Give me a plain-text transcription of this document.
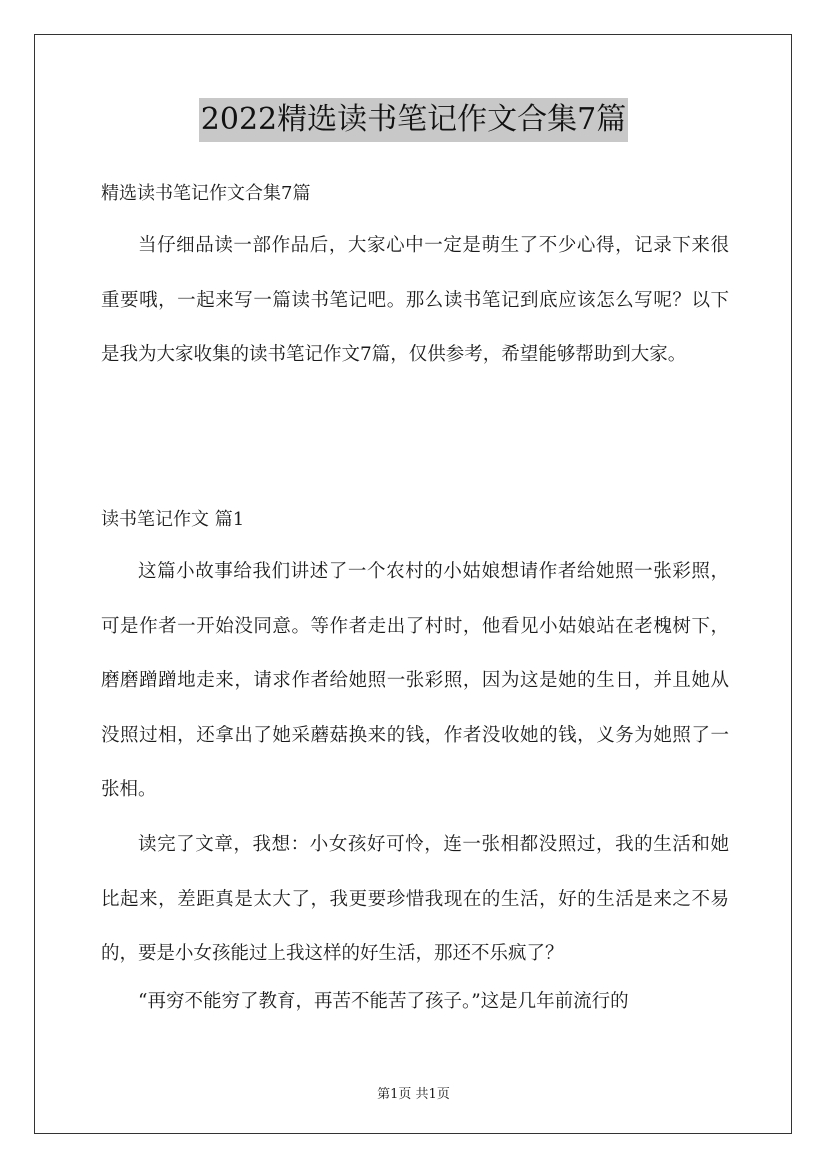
2022精选读书笔记作文合集7篇
精选读书笔记作文合集7篇

当仔细品读一部作品后，大家心中一定是萌生了不少心得，记录下来很重要哦，一起来写一篇读书笔记吧。那么读书笔记到底应该怎么写呢？以下是我为大家收集的读书笔记作文7篇，仅供参考，希望能够帮助到大家。

读书笔记作文 篇1

这篇小故事给我们讲述了一个农村的小姑娘想请作者给她照一张彩照，可是作者一开始没同意。等作者走出了村时，他看见小姑娘站在老槐树下，磨磨蹭蹭地走来，请求作者给她照一张彩照，因为这是她的生日，并且她从没照过相，还拿出了她采蘑菇换来的钱，作者没收她的钱，义务为她照了一张相。

读完了文章，我想：小女孩好可怜，连一张相都没照过，我的生活和她比起来，差距真是太大了，我更要珍惜我现在的生活，好的生活是来之不易的，要是小女孩能过上我这样的好生活，那还不乐疯了？

“再穷不能穷了教育，再苦不能苦了孩子。”这是几年前流行的

第1页 共1页
